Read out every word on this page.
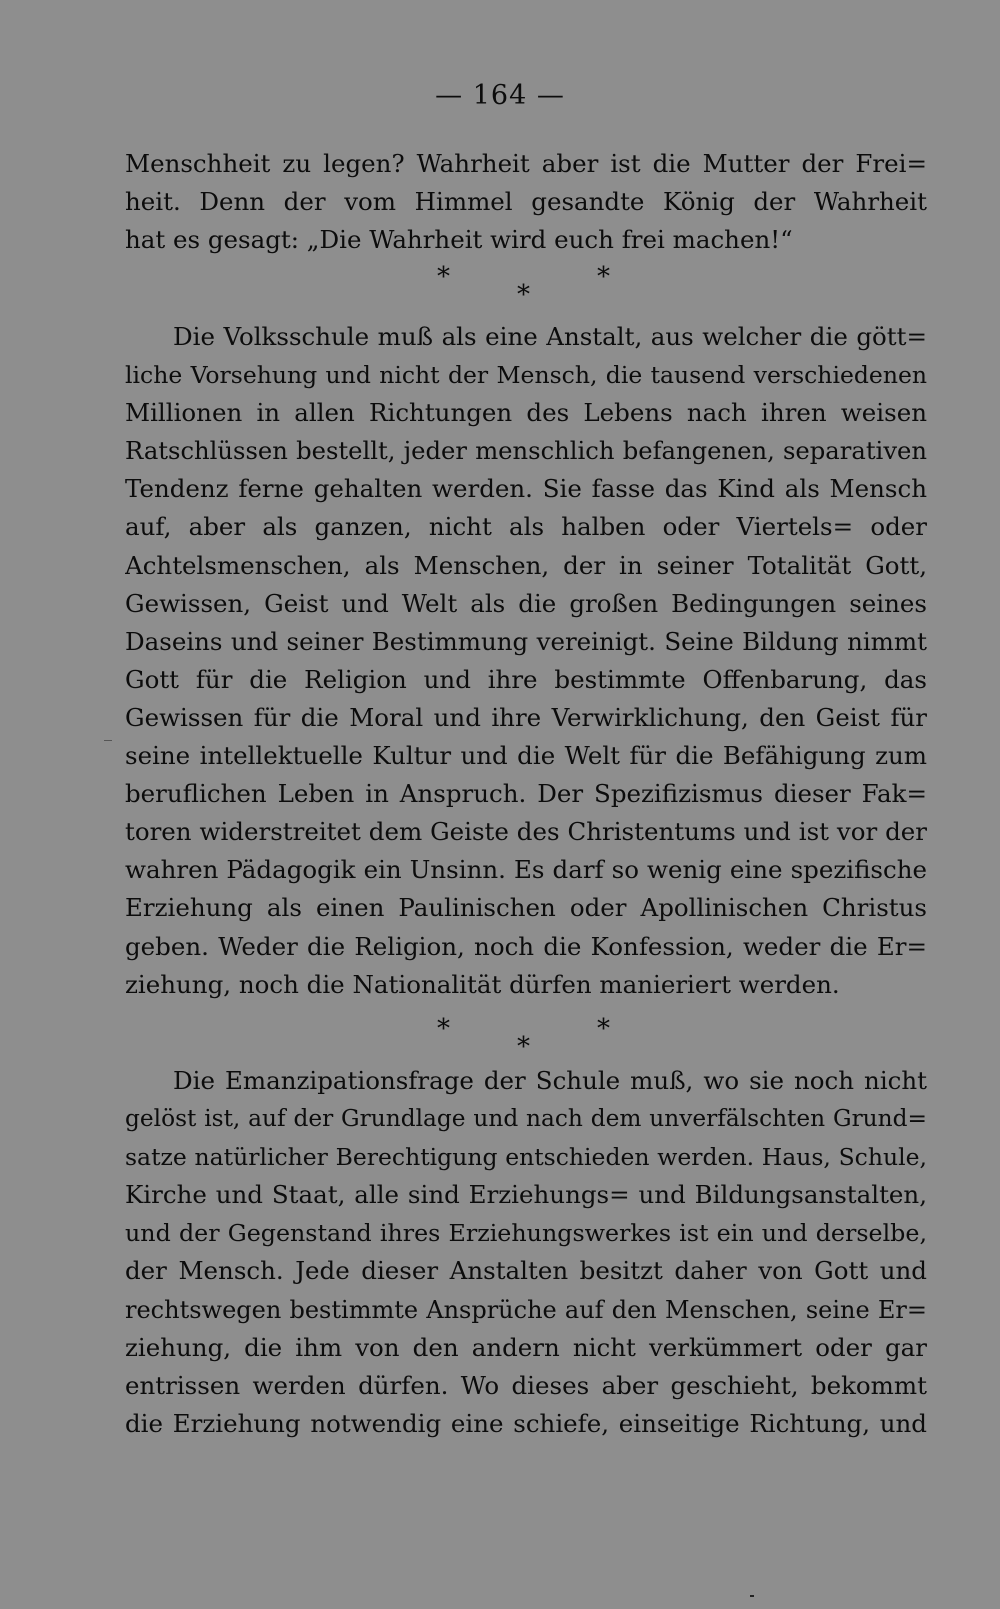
— 164 —
Menschheit zu legen? Wahrheit aber ist die Mutter der Frei=
heit. Denn der vom Himmel gesandte König der Wahrheit
hat es gesagt: „Die Wahrheit wird euch frei machen!“
*	*
*
Die Volksschule muß als eine Anstalt, aus welcher die gött=
liche Vorsehung und nicht der Mensch, die tausend verschiedenen
Millionen in allen Richtungen des Lebens nach ihren weisen
Ratschlüssen bestellt, jeder menschlich befangenen, separativen
Tendenz ferne gehalten werden. Sie fasse das Kind als Mensch
auf, aber als ganzen, nicht als halben oder Viertels= oder
Achtelsmenschen, als Menschen, der in seiner Totalität Gott,
Gewissen, Geist und Welt als die großen Bedingungen seines
Daseins und seiner Bestimmung vereinigt. Seine Bildung nimmt
Gott für die Religion und ihre bestimmte Offenbarung, das
Gewissen für die Moral und ihre Verwirklichung, den Geist für
seine intellektuelle Kultur und die Welt für die Befähigung zum
beruflichen Leben in Anspruch. Der Spezifizismus dieser Fak=
toren widerstreitet dem Geiste des Christentums und ist vor der
wahren Pädagogik ein Unsinn. Es darf so wenig eine spezifische
Erziehung als einen Paulinischen oder Apollinischen Christus
geben. Weder die Religion, noch die Konfession, weder die Er=
ziehung, noch die Nationalität dürfen manieriert werden.
*	*
*
Die Emanzipationsfrage der Schule muß, wo sie noch nicht
gelöst ist, auf der Grundlage und nach dem unverfälschten Grund=
satze natürlicher Berechtigung entschieden werden. Haus, Schule,
Kirche und Staat, alle sind Erziehungs= und Bildungsanstalten,
und der Gegenstand ihres Erziehungswerkes ist ein und derselbe,
der Mensch. Jede dieser Anstalten besitzt daher von Gott und
rechtswegen bestimmte Ansprüche auf den Menschen, seine Er=
ziehung, die ihm von den andern nicht verkümmert oder gar
entrissen werden dürfen. Wo dieses aber geschieht, bekommt
die Erziehung notwendig eine schiefe, einseitige Richtung, und
